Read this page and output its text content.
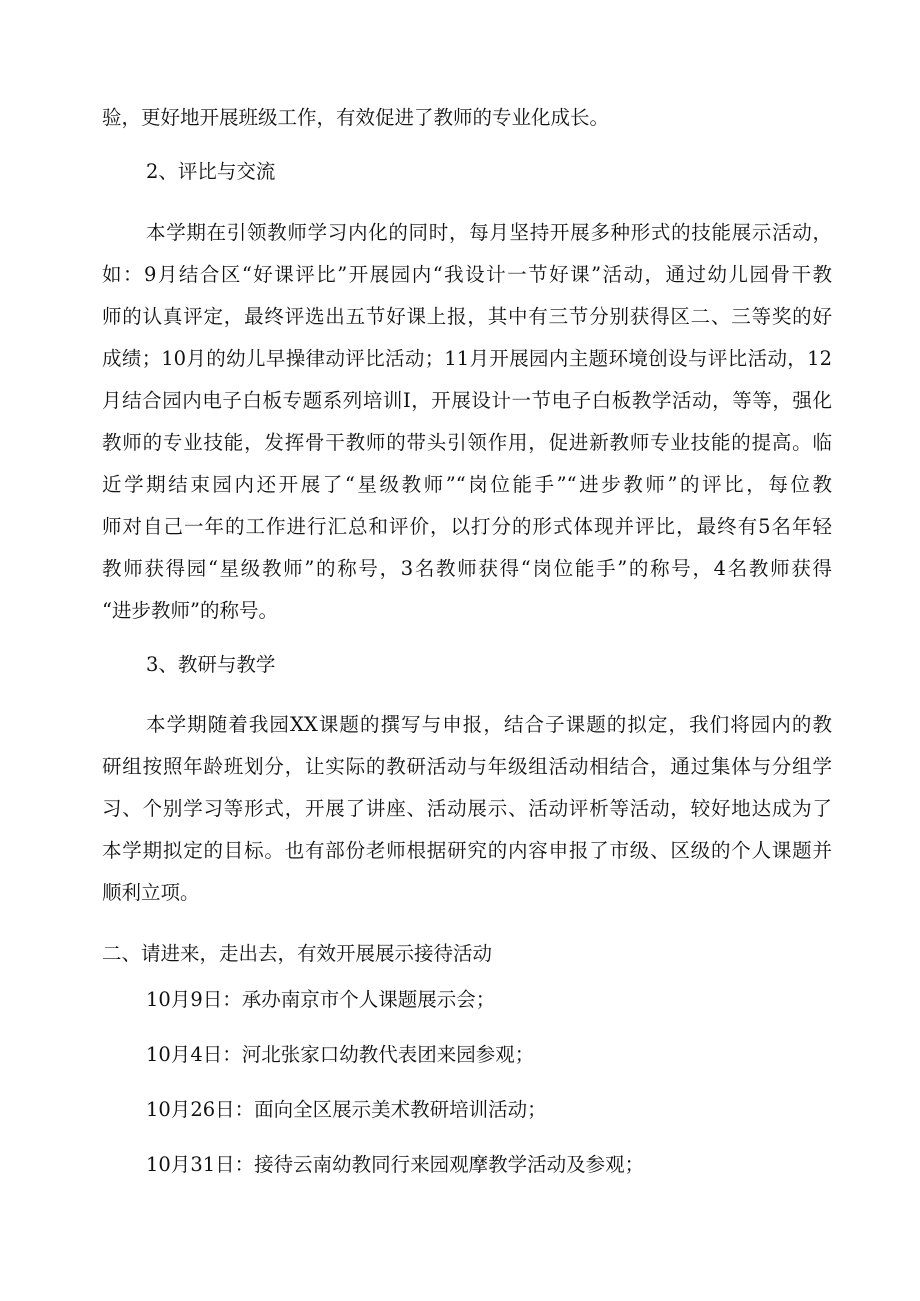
验，更好地开展班级工作，有效促进了教师的专业化成长。
2、评比与交流
本学期在引领教师学习内化的同时，每月坚持开展多种形式的技能展示活动，
如：9月结合区“好课评比”开展园内“我设计一节好课”活动，通过幼儿园骨干教
师的认真评定，最终评选出五节好课上报，其中有三节分别获得区二、三等奖的好
成绩；10月的幼儿早操律动评比活动；11月开展园内主题环境创设与评比活动，12
月结合园内电子白板专题系列培训I，开展设计一节电子白板教学活动，等等，强化
教师的专业技能，发挥骨干教师的带头引领作用，促进新教师专业技能的提高。临
近学期结束园内还开展了“星级教师”“岗位能手”“进步教师”的评比，每位教
师对自己一年的工作进行汇总和评价，以打分的形式体现并评比，最终有5名年轻
教师获得园“星级教师”的称号，3名教师获得“岗位能手”的称号，4名教师获得
“进步教师”的称号。
3、教研与教学
本学期随着我园XX课题的撰写与申报，结合子课题的拟定，我们将园内的教
研组按照年龄班划分，让实际的教研活动与年级组活动相结合，通过集体与分组学
习、个别学习等形式，开展了讲座、活动展示、活动评析等活动，较好地达成为了
本学期拟定的目标。也有部份老师根据研究的内容申报了市级、区级的个人课题并
顺利立项。
二、请进来，走出去，有效开展展示接待活动
10月9日：承办南京市个人课题展示会；
10月4日：河北张家口幼教代表团来园参观；
10月26日：面向全区展示美术教研培训活动；
10月31日：接待云南幼教同行来园观摩教学活动及参观；
